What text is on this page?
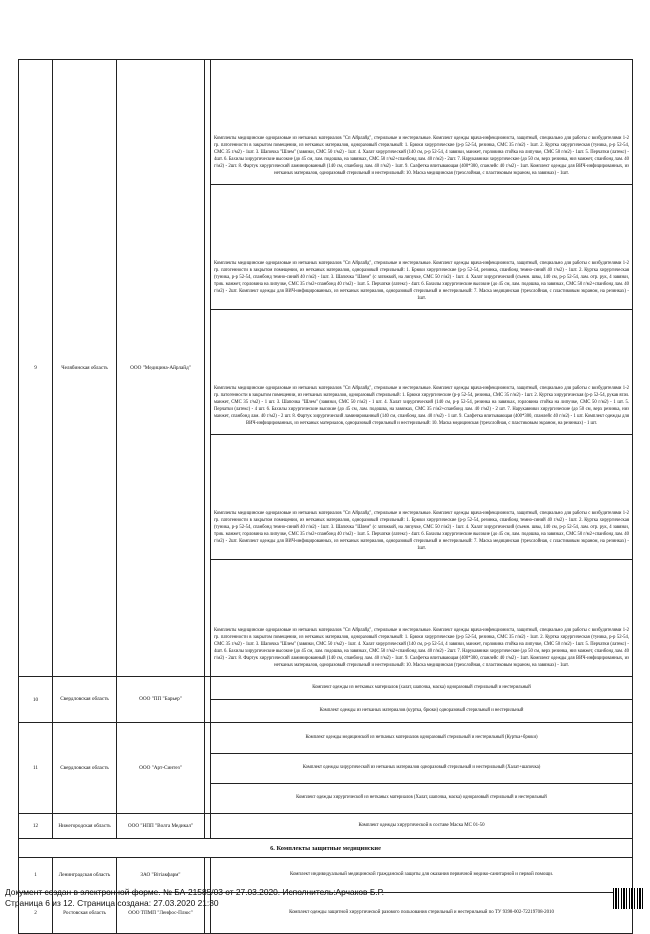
9	Челябинская область	ООО "Медицина-Айрлайд"		Комплекты медицинские одноразовые из нетканых материалов "Сп Айрлайд", стерильные и нестерильные. Комплект одежды врача-инфекциониста, защитный, специально для работы с возбудителями 1-2 гр. патогенности в закрытом помещении, из нетканых материалов, одноразовый стерильный: 1. Брюки хирургические (р-р 52-54, резинка, СМС 35 г/м2) - 1шт. 2. Куртка хирургическая (туника, р-р 52-54, СМС 35 г/м2) - 1шт. 3. Шапочка "Шлем" (завязки, СМС 50 г/м2) - 1шт. 4. Халат хирургический (140 см, р-р 52-54, 4 завязки, манжет, горловина стойка на липучке, СМС 50 г/м2) - 1шт. 5. Перчатки (латекс) - 4шт. 6. Бахилы хирургические высокие (до 45 см, лам. подошва, на завязках, СМС 50 г/м2+спанбонд лам. 40 г/м2) - 2шт. 7. Нарукавники хирургические (до 50 см, верх резинка, низ манжет, спанбонд лам. 40 г/м2) - 2шт. 8. Фартук хирургический ламинированный (140 см, спанбонд лам. 40 г/м2) - 1шт. 9. Салфетка впитывающая (400*300, спанлейс 40 г/м2) - 1шт. Комплект одежды для ВИЧ-инфицированных, из нетканых материалов, одноразовый стерильный и нестерильный: 10. Маска медицинская (трехслойная, с пластиковым экраном, на завязках) - 1шт.

Комплекты медицинские одноразовые из нетканых материалов "Сп Айрлайд", стерильные и нестерильные. Комплект одежды врача-инфекциониста, защитный, специально для работы с возбудителями 1-2 гр. патогенности в закрытом помещении, из нетканых материалов, одноразовый стерильный: 1. Брюки хирургические (р-р 52-54, резинка, спанбонд темно-синий 40 г/м2) - 1шт. 2. Куртка хирургическая (туника, р-р 52-54, спанбонд темно-синий 40 г/м2) - 1шт. 3. Шапочка "Шлем" (с затяжкой, на липучке, СМС 50 г/м2) - 1шт. 4. Халат хирургический (съемн. швы, 140 см, р-р 52-54, лам. отр. рук, 4 завязки, трик. манжет, горловина на липучке, СМС 35 г/м2+спанбонд 40 г/м2) - 1шт. 5. Перчатки (латекс) - 4шт. 6. Бахилы хирургические высокие (до 45 см, лам. подошва, на завязках, СМС 50 г/м2+спанбонд лам. 40 г/м2) - 2шт. Комплект одежды для ВИЧ-инфицированных, из нетканых материалов, одноразовый стерильный и нестерильный: 7. Маска медицинская (трехслойная, с пластиковым экраном, на резинках) - 1шт.

Комплекты медицинские одноразовые из нетканых материалов "Сп Айрлайд", стерильные и нестерильные. Комплект одежды врача-инфекциониста, защитный, специально для работы с возбудителями 1-2 гр. патогенности в закрытом помещении, из нетканых материалов, одноразовый стерильный: 1. Брюки хирургические (р-р 52-54, резинка, СМС 35 г/м2) - 1шт. 2. Куртка хирургическая (р-р 52-54, рукав втач. манжет, СМС 35 г/м2) - 1 шт. 3. Шапочка "Шлем" (завязки, СМС 50 г/м2) - 1 шт. 4. Халат хирургический (140 см, р-р 52-54, резинка на завязках, горловина стойка на липучке, СМС 50 г/м2) - 1 шт. 5. Перчатки (латекс) - 4 шт. 6. Бахилы хирургические высокие (до 45 см, лам. подошва, на завязках, СМС 35 г/м2+спанбонд лам. 40 г/м2) - 2 шт. 7. Нарукавники хирургические (до 50 см, верх резинка, низ манжет, спанбонд лам. 40 г/м2) - 2 шт. 8. Фартук хирургический ламинированный (140 см, спанбонд лам. 40 г/м2) - 1 шт. 9. Салфетка впитывающая (400*300, спанлейс 40 г/м2) - 1 шт. Комплект одежды для ВИЧ-инфицированных, из нетканых материалов, одноразовый стерильный и нестерильный: 10. Маска медицинская (трехслойная, с пластиковым экраном, на резинках) - 1 шт.

Комплекты медицинские одноразовые из нетканых материалов "Сп Айрлайд", стерильные и нестерильные. Комплект одежды врача-инфекциониста, защитный, специально для работы с возбудителями 1-2 гр. патогенности в закрытом помещении, из нетканых материалов, одноразовый стерильный: 1. Брюки хирургические (р-р 52-54, резинка, спанбонд темно-синий 40 г/м2) - 1шт. 2. Куртка хирургическая (туника, р-р 52-54, спанбонд темно-синий 40 г/м2) - 1шт. 3. Шапочка "Шлем" (с затяжкой, на липучке, СМС 50 г/м2) - 1шт. 4. Халат хирургический (съемн. швы, 140 см, р-р 52-54, лам. отр. рук, 4 завязки, трик. манжет, горловина на липучке, СМС 35 г/м2+спанбонд 40 г/м2) - 1шт. 5. Перчатки (латекс) - 4шт. 6. Бахилы хирургические высокие (до 45 см, лам. подошва, на завязках, СМС 50 г/м2+спанбонд лам. 40 г/м2) - 2шт. Комплект одежды для ВИЧ-инфицированных, из нетканых материалов, одноразовый стерильный и нестерильный: 7. Маска медицинская (трехслойная, с пластиковым экраном, на резинках) - 1шт.

Комплекты медицинские одноразовые из нетканых материалов "Сп Айрлайд", стерильные и нестерильные. Комплект одежды врача-инфекциониста, защитный, специально для работы с возбудителями 1-2 гр. патогенности в закрытом помещении, из нетканых материалов, одноразовый стерильный: 1. Брюки хирургические (р-р 52-54, резинка, СМС 35 г/м2) - 1шт. 2. Куртка хирургическая (туника, р-р 52-54, СМС 35 г/м2) - 1шт. 3. Шапочка "Шлем" (завязки, СМС 50 г/м2) - 1шт. 4. Халат хирургический (140 см, р-р 52-54, 4 завязки, манжет, горловина стойка на липучке, СМС 50 г/м2) - 1шт. 5. Перчатки (латекс) - 4шт. 6. Бахилы хирургические высокие (до 45 см, лам. подошва, на завязках, СМС 50 г/м2+спанбонд лам. 40 г/м2) - 2шт. 7. Нарукавники хирургические (до 50 см, верх резинка, низ манжет, спанбонд лам. 40 г/м2) - 2шт. 8. Фартук хирургический ламинированный (140 см, спанбонд лам. 40 г/м2) - 1шт. 9. Салфетка впитывающая (400*300, спанлейс 40 г/м2) - 1шт. Комплект одежды для ВИЧ-инфицированных, из нетканых материалов, одноразовый стерильный и нестерильный: 10. Маска медицинская (трехслойная, с пластиковым экраном, на завязках) - 1шт.

10	Свердловская область	ООО "ПП "Барьер"		Комплект одежды из нетканых материалов (халат, шапочка, маска) одноразовый стерильный и нестерильный
Комплект одежды из нетканых материалов (куртка, брюки) одноразовый стерильный и нестерильный

11	Свердловская область	ООО "Арт-Синтез"		Комплект одежды медицинской из нетканых материалов одноразовый стерильный и нестерильный (Куртка+брюки)
Комплект одежды хирургической из нетканых материалов одноразовый стерильный и нестерильный (Халат+шапочка)
Комплект одежды хирургической из нетканых материалов (Халат, шапочка, маска) одноразовый стерильный и нестерильный

12	Нижегородская область	ООО "НПП "Волга Медикал"		Комплект одежды хирургической в составе Маска МС 01-50
6. Комплекты защитные медицинские				
1	Ленинградская область	ЗАО "Вітіакфарм"		Комплект индивидуальный медицинской гражданской защиты для оказания первичной медико-санитарной и первой помощи.
2	Ростовская область	ООО ТПМП "Ленфос-Плюс"		Комплект одежды защитной хирургической разового пользования стерильный и нестерильный по ТУ 9398-002-72219708-2010
Документ создан в электронной форме. № БА-21585/03 от 27.03.2020. Исполнитель:Арчаков Б.Р.
Страница 6 из 12. Страница создана: 27.03.2020 21:30
